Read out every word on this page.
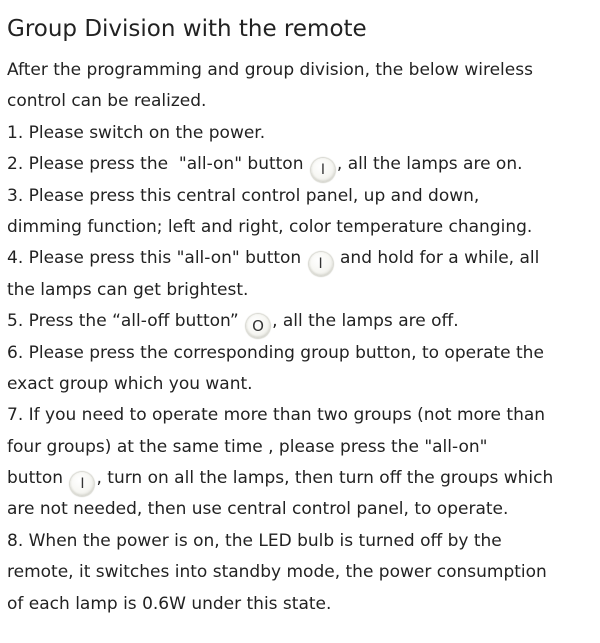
Group Division with the remote
After the programming and group division, the below wireless
control can be realized.
1. Please switch on the power.
2. Please press the  "all-on" button I , all the lamps are on.
3. Please press this central control panel, up and down,
dimming function; left and right, color temperature changing.
4. Please press this "all-on" button I and hold for a while, all
the lamps can get brightest.
5. Press the “all-off button” O , all the lamps are off.
6. Please press the corresponding group button, to operate the
exact group which you want.
7. If you need to operate more than two groups (not more than
four groups) at the same time , please press the "all-on"
button I , turn on all the lamps, then turn off the groups which
are not needed, then use central control panel, to operate.
8. When the power is on, the LED bulb is turned off by the
remote, it switches into standby mode, the power consumption
of each lamp is 0.6W under this state.
